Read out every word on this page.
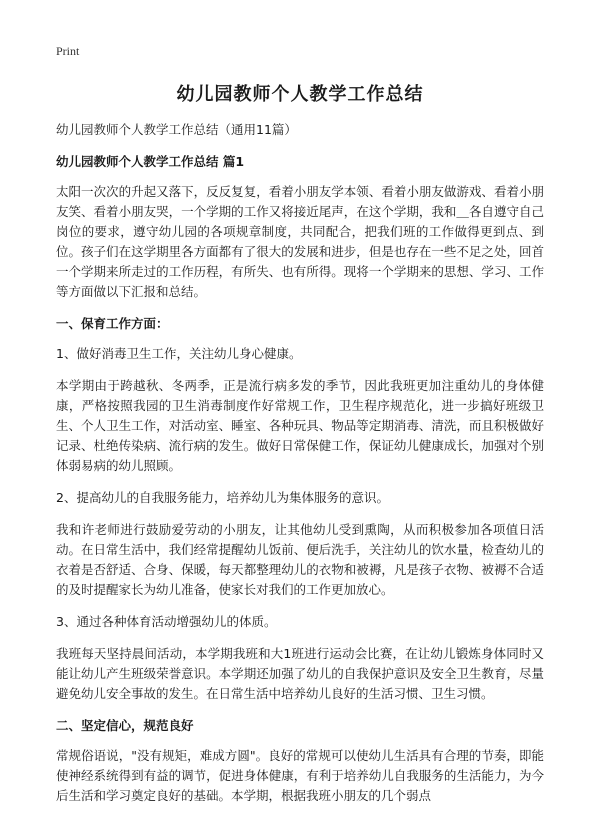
Print
幼儿园教师个人教学工作总结

幼儿园教师个人教学工作总结（通用11篇）

幼儿园教师个人教学工作总结 篇1

太阳一次次的升起又落下，反反复复，看着小朋友学本领、看着小朋友做游戏、看着小朋友笑、看着小朋友哭，一个学期的工作又将接近尾声，在这个学期，我和＿各自遵守自己岗位的要求，遵守幼儿园的各项规章制度，共同配合，把我们班的工作做得更到点、到位。孩子们在这学期里各方面都有了很大的发展和进步，但是也存在一些不足之处，回首一个学期来所走过的工作历程，有所失、也有所得。现将一个学期来的思想、学习、工作等方面做以下汇报和总结。

一、保育工作方面：

1、做好消毒卫生工作，关注幼儿身心健康。

本学期由于跨越秋、冬两季，正是流行病多发的季节，因此我班更加注重幼儿的身体健康，严格按照我园的卫生消毒制度作好常规工作，卫生程序规范化，进一步搞好班级卫生、个人卫生工作，对活动室、睡室、各种玩具、物品等定期消毒、清洗，而且积极做好记录、杜绝传染病、流行病的发生。做好日常保健工作，保证幼儿健康成长，加强对个别体弱易病的幼儿照顾。

2、提高幼儿的自我服务能力，培养幼儿为集体服务的意识。

我和许老师进行鼓励爱劳动的小朋友，让其他幼儿受到熏陶，从而积极参加各项值日活动。在日常生活中，我们经常提醒幼儿饭前、便后洗手，关注幼儿的饮水量，检查幼儿的衣着是否舒适、合身、保暖，每天都整理幼儿的衣物和被褥，凡是孩子衣物、被褥不合适的及时提醒家长为幼儿准备，使家长对我们的工作更加放心。

3、通过各种体育活动增强幼儿的体质。

我班每天坚持晨间活动，本学期我班和大1班进行运动会比赛，在让幼儿锻炼身体同时又能让幼儿产生班级荣誉意识。本学期还加强了幼儿的自我保护意识及安全卫生教育，尽量避免幼儿安全事故的发生。在日常生活中培养幼儿良好的生活习惯、卫生习惯。

二、坚定信心，规范良好

常规俗语说，"没有规矩，难成方圆"。良好的常规可以使幼儿生活具有合理的节奏，即能使神经系统得到有益的调节，促进身体健康，有利于培养幼儿自我服务的生活能力，为今后生活和学习奠定良好的基础。本学期，根据我班小朋友的几个弱点
